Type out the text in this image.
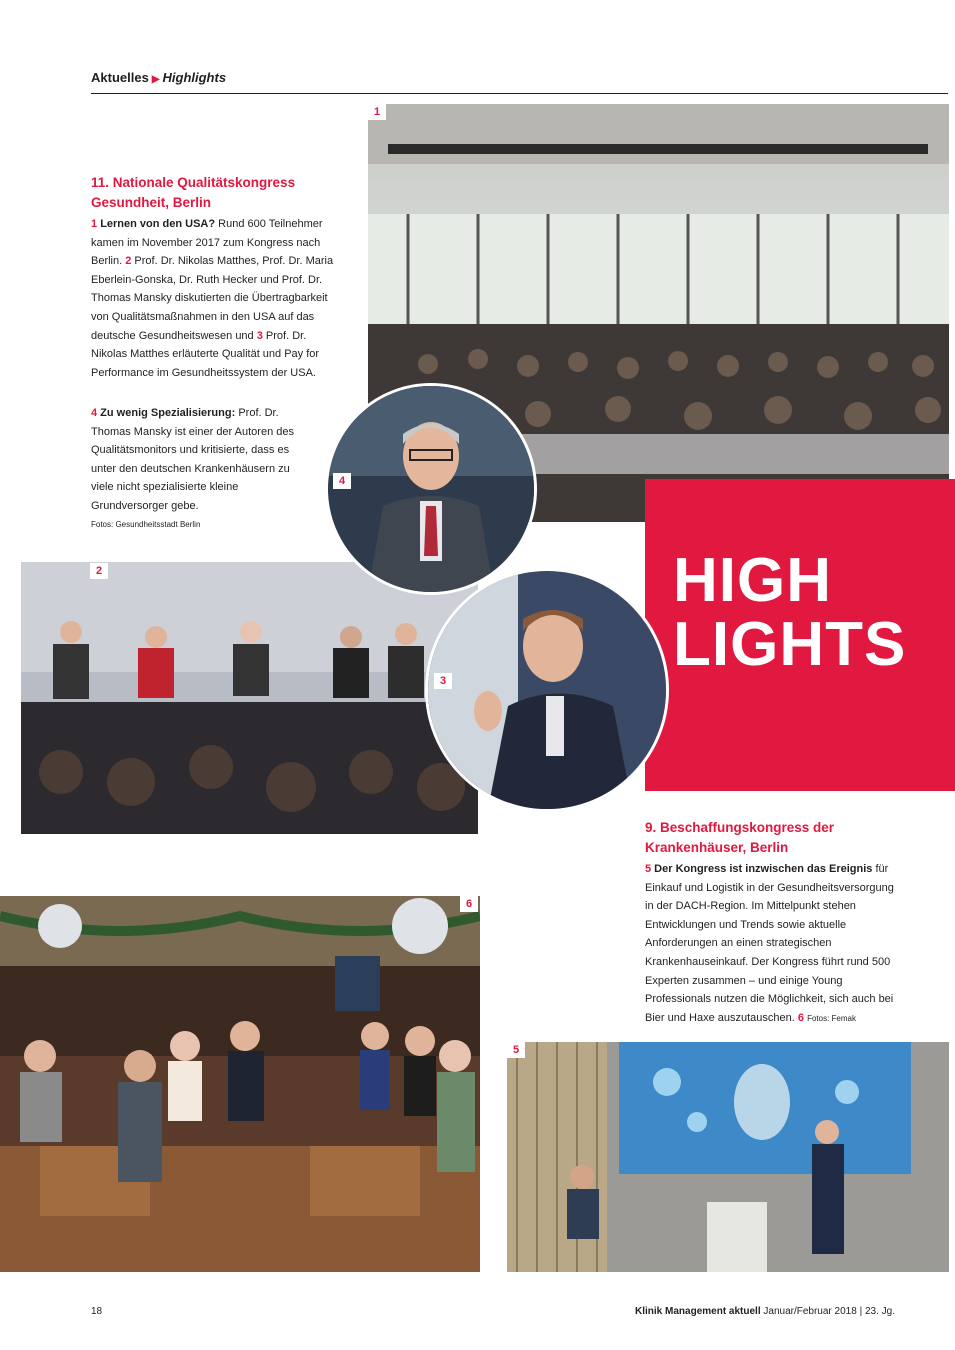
Aktuelles ▶ Highlights
1
11. Nationale Qualitätskongress
Gesundheit, Berlin
1 Lernen von den USA? Rund 600 Teilnehmer kamen im November 2017 zum Kongress nach Berlin. 2 Prof. Dr. Nikolas Matthes, Prof. Dr. Maria Eberlein-Gonska, Dr. Ruth Hecker und Prof. Dr. Thomas Mansky diskutierten die Übertragbarkeit von Qualitätsmaßnahmen in den USA auf das deutsche Gesundheitswesen und 3 Prof. Dr. Nikolas Matthes erläuterte Qualität und Pay for Performance im Gesundheitssystem der USA.
4 Zu wenig Spezialisierung: Prof. Dr. Thomas Mansky ist einer der Autoren des Qualitätsmonitors und kritisierte, dass es unter den deutschen Krankenhäusern zu viele nicht spezialisierte kleine Grundversorger gebe.
Fotos: Gesundheitsstadt Berlin
4
2
3
HIGH
LIGHTS
9. Beschaffungskongress der
Krankenhäuser, Berlin
5 Der Kongress ist inzwischen das Ereignis für Einkauf und Logistik in der Gesundheitsversorgung in der DACH-Region. Im Mittelpunkt stehen Entwicklungen und Trends sowie aktuelle Anforderungen an einen strategischen Krankenhauseinkauf. Der Kongress führt rund 500 Experten zusammen – und einige Young Professionals nutzen die Möglichkeit, sich auch bei Bier und Haxe auszutauschen. 6 Fotos: Femak
6
5
18	Klinik Management aktuell Januar/Februar 2018 | 23. Jg.
